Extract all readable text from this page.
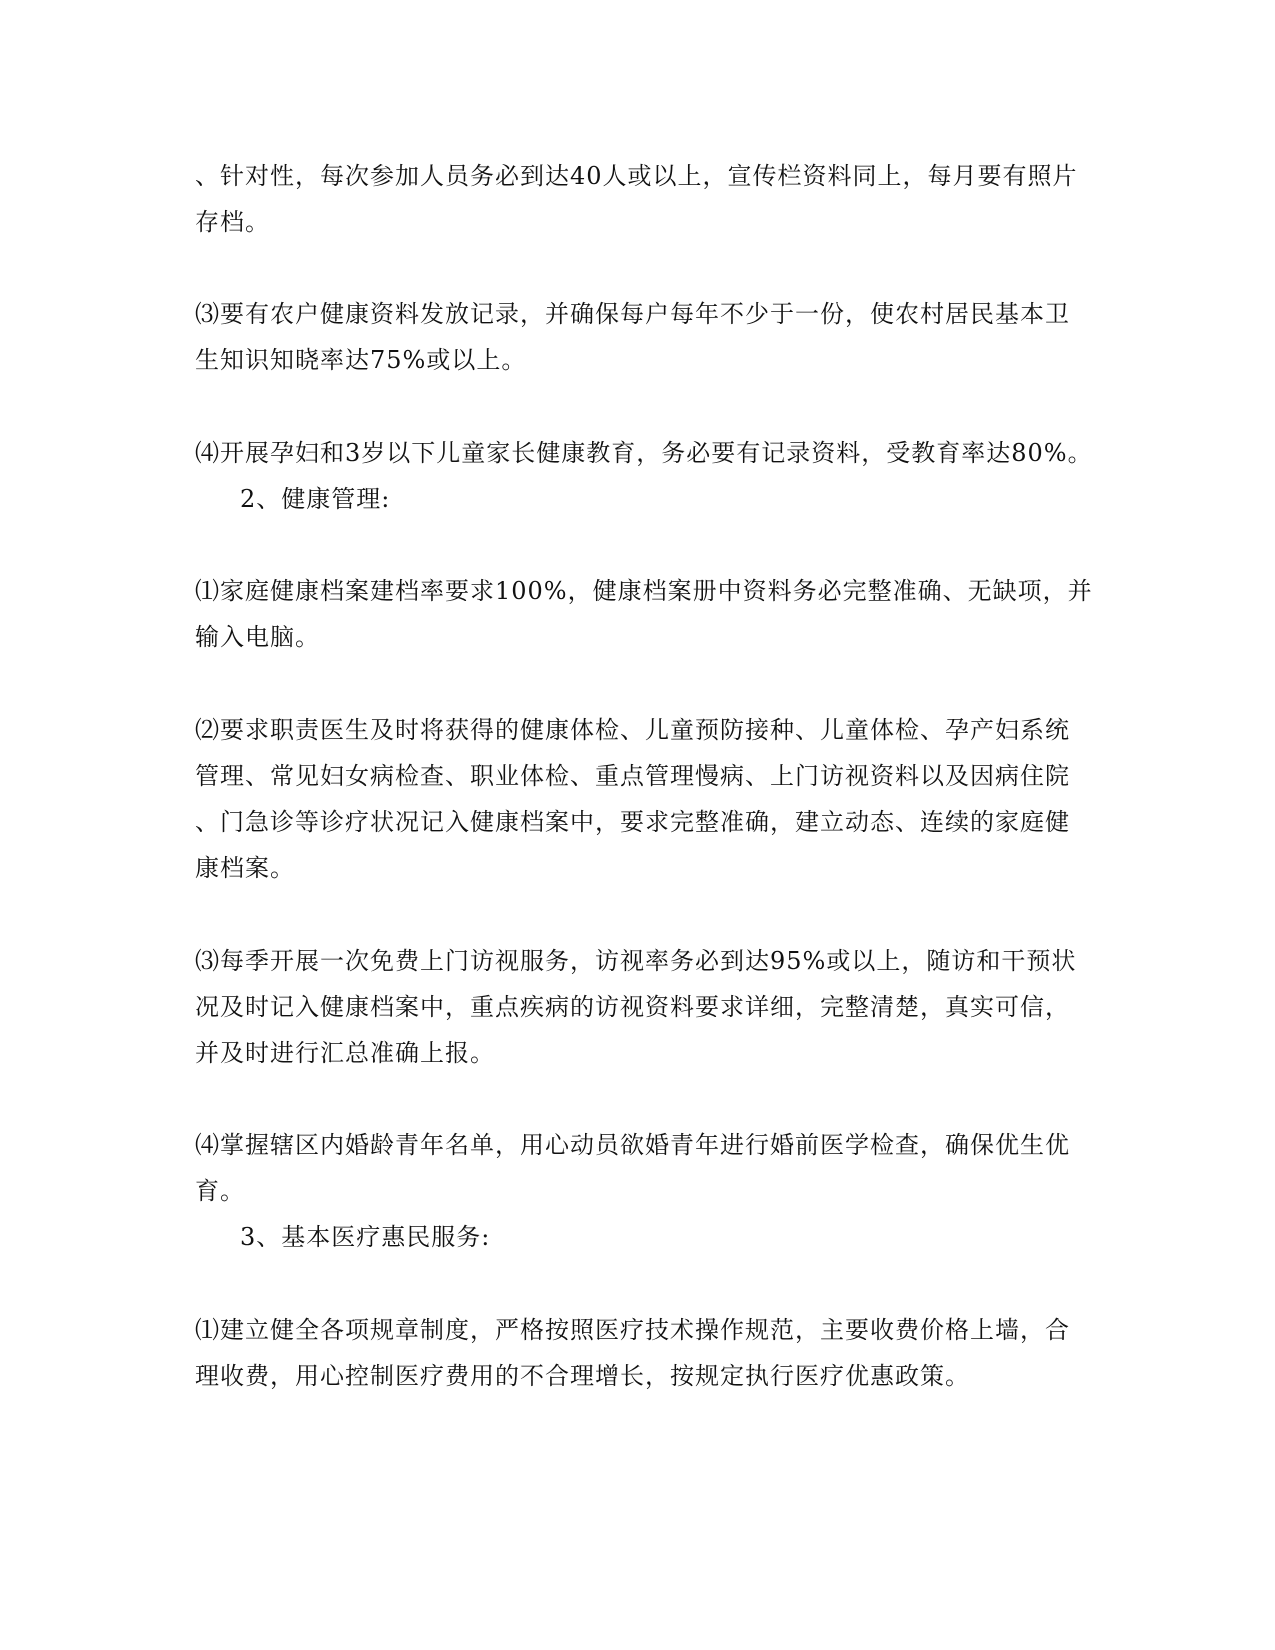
、针对性，每次参加人员务必到达40人或以上，宣传栏资料同上，每月要有照片
存档。
⑶要有农户健康资料发放记录，并确保每户每年不少于一份，使农村居民基本卫
生知识知晓率达75%或以上。
⑷开展孕妇和3岁以下儿童家长健康教育，务必要有记录资料，受教育率达80%。
2、健康管理:
⑴家庭健康档案建档率要求100%，健康档案册中资料务必完整准确、无缺项，并
输入电脑。
⑵要求职责医生及时将获得的健康体检、儿童预防接种、儿童体检、孕产妇系统
管理、常见妇女病检查、职业体检、重点管理慢病、上门访视资料以及因病住院
、门急诊等诊疗状况记入健康档案中，要求完整准确，建立动态、连续的家庭健
康档案。
⑶每季开展一次免费上门访视服务，访视率务必到达95%或以上，随访和干预状
况及时记入健康档案中，重点疾病的访视资料要求详细，完整清楚，真实可信，
并及时进行汇总准确上报。
⑷掌握辖区内婚龄青年名单，用心动员欲婚青年进行婚前医学检查，确保优生优
育。
3、基本医疗惠民服务:
⑴建立健全各项规章制度，严格按照医疗技术操作规范，主要收费价格上墙，合
理收费，用心控制医疗费用的不合理增长，按规定执行医疗优惠政策。
